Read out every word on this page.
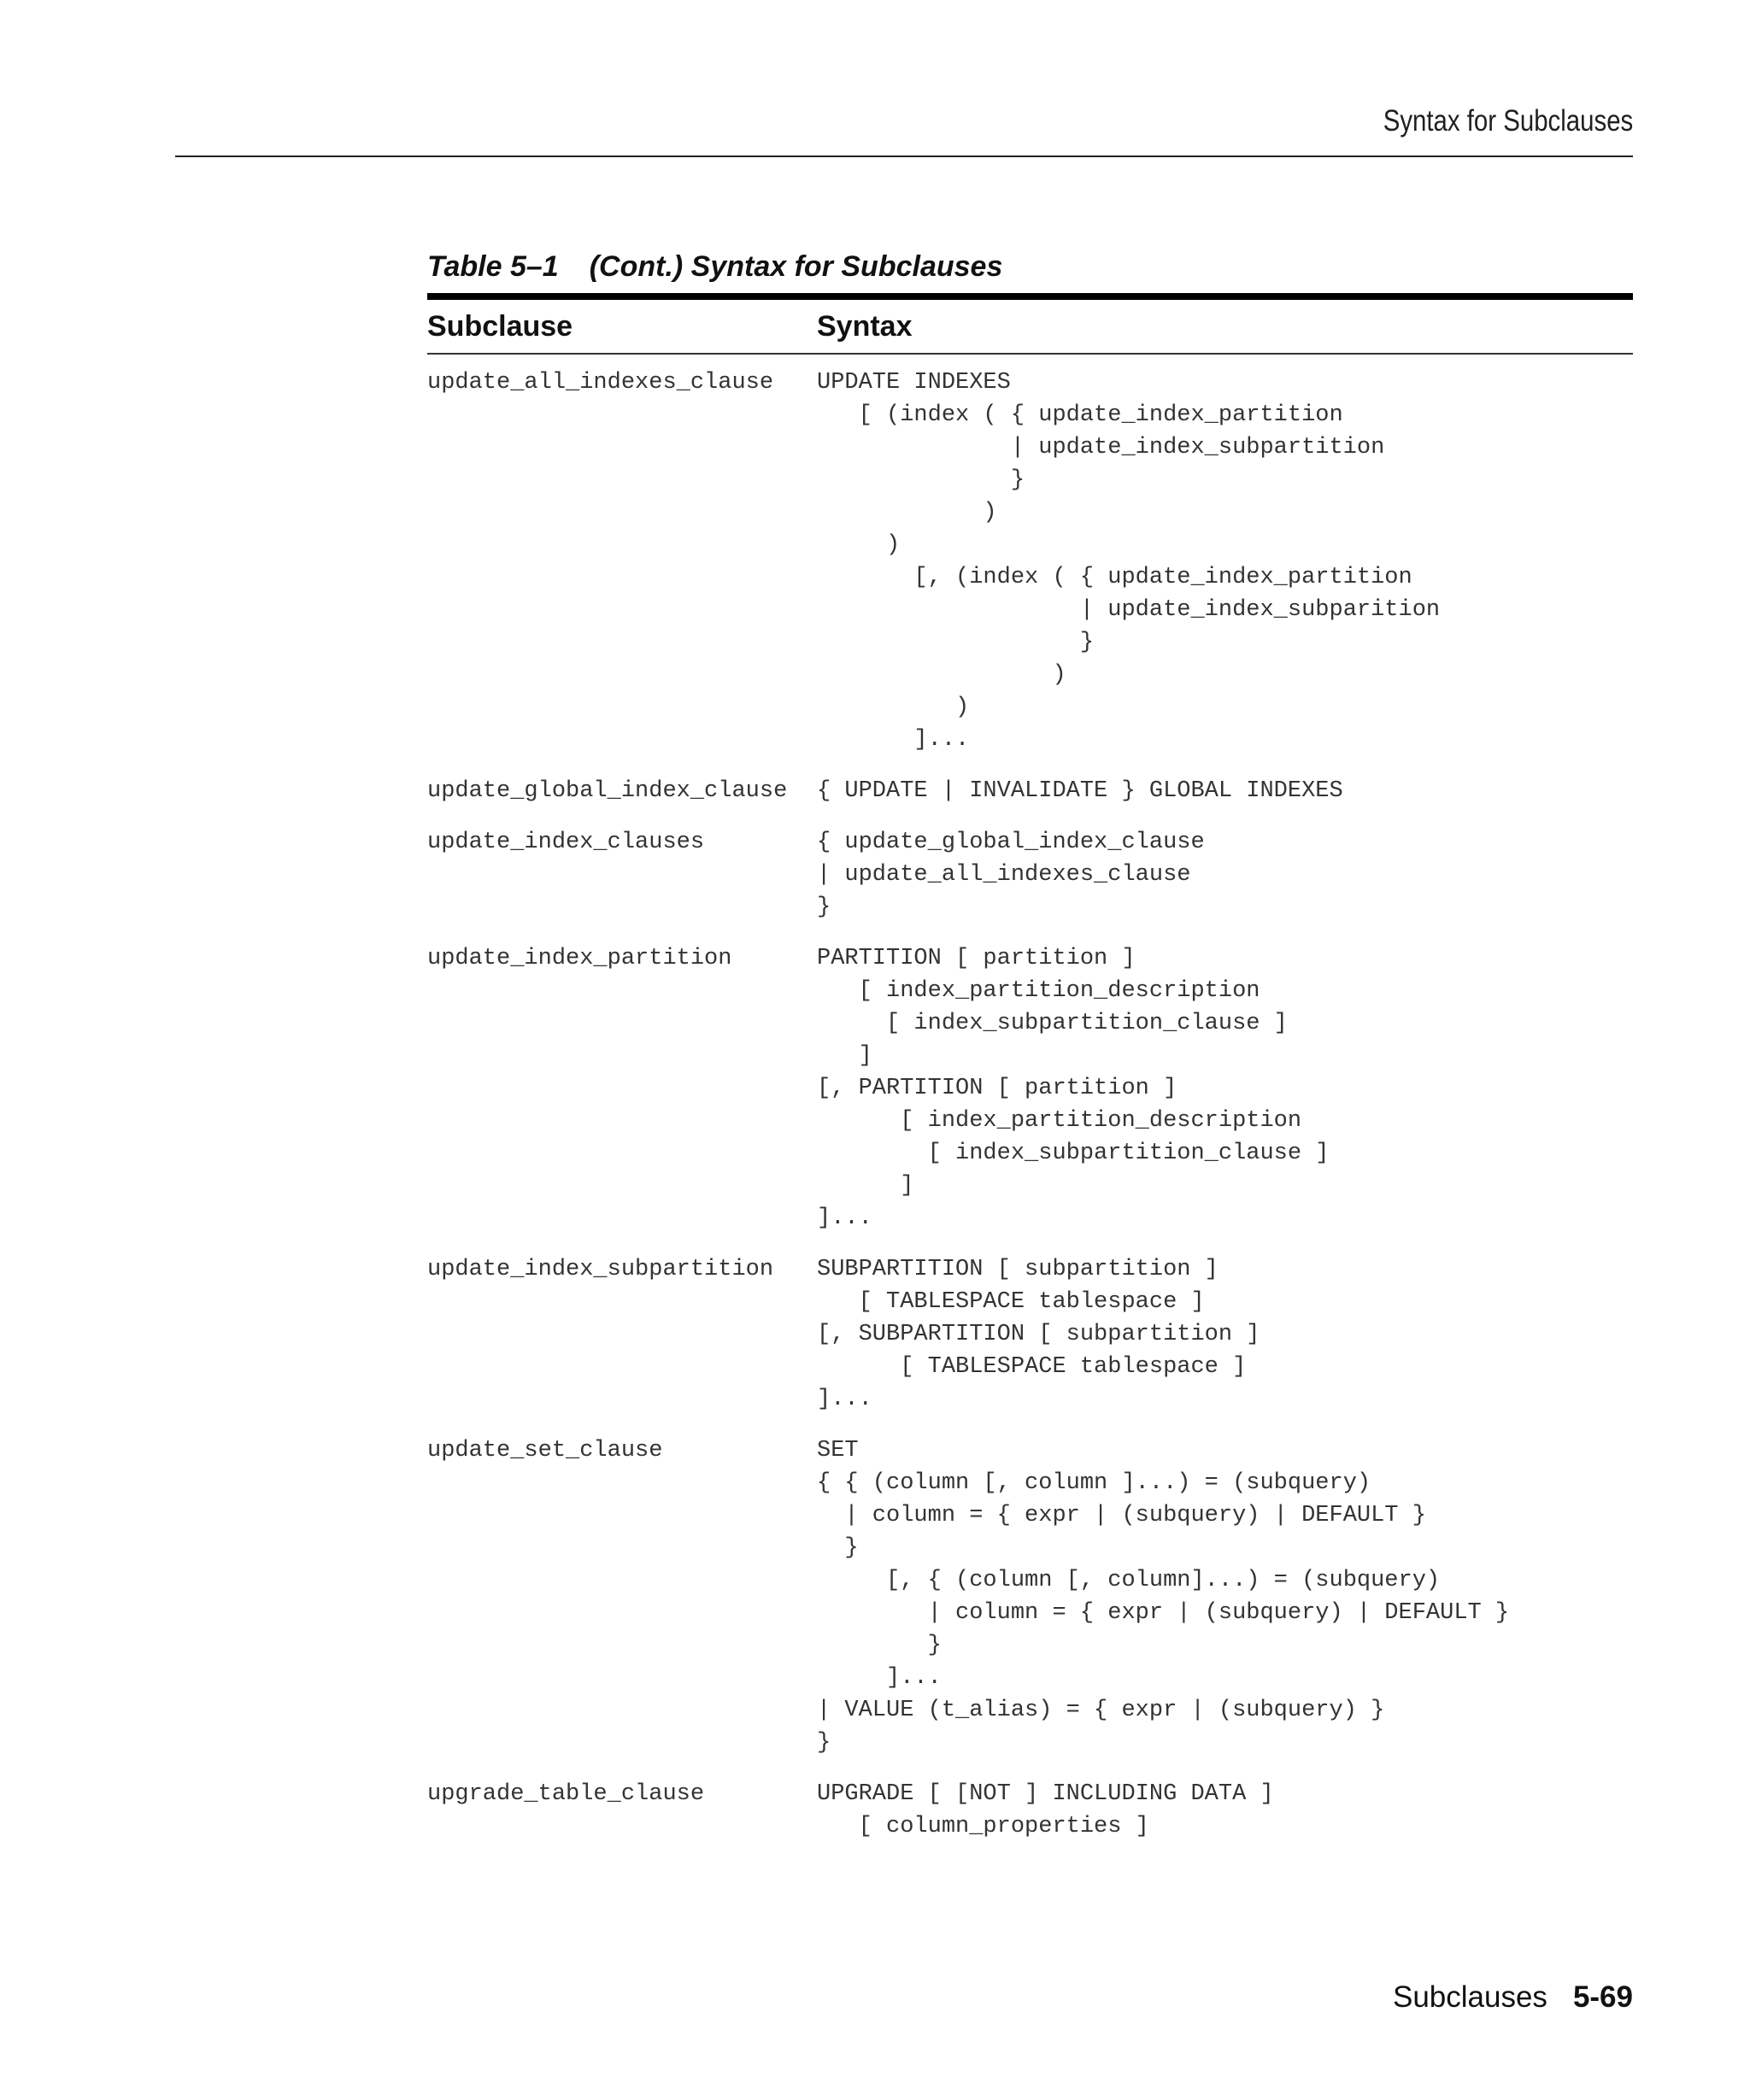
Syntax for Subclauses
Table 5–1 (Cont.) Syntax for Subclauses
Subclause	Syntax
update_all_indexes_clause	UPDATE INDEXES
[ (index ( { update_index_partition
| update_index_subpartition
}
)
)
[, (index ( { update_index_partition
| update_index_subparition
}
)
)
]...
update_global_index_clause	{ UPDATE | INVALIDATE } GLOBAL INDEXES
update_index_clauses	{ update_global_index_clause
| update_all_indexes_clause
}
update_index_partition	PARTITION [ partition ]
[ index_partition_description
[ index_subpartition_clause ]
]
[, PARTITION [ partition ]
[ index_partition_description
[ index_subpartition_clause ]
]
]...
update_index_subpartition	SUBPARTITION [ subpartition ]
[ TABLESPACE tablespace ]
[, SUBPARTITION [ subpartition ]
[ TABLESPACE tablespace ]
]...
update_set_clause	SET
{ { (column [, column ]...) = (subquery)
| column = { expr | (subquery) | DEFAULT }
}
[, { (column [, column]...) = (subquery)
| column = { expr | (subquery) | DEFAULT }
}
]...
| VALUE (t_alias) = { expr | (subquery) }
}
upgrade_table_clause	UPGRADE [ [NOT ] INCLUDING DATA ]
[ column_properties ]
Subclauses 5-69
